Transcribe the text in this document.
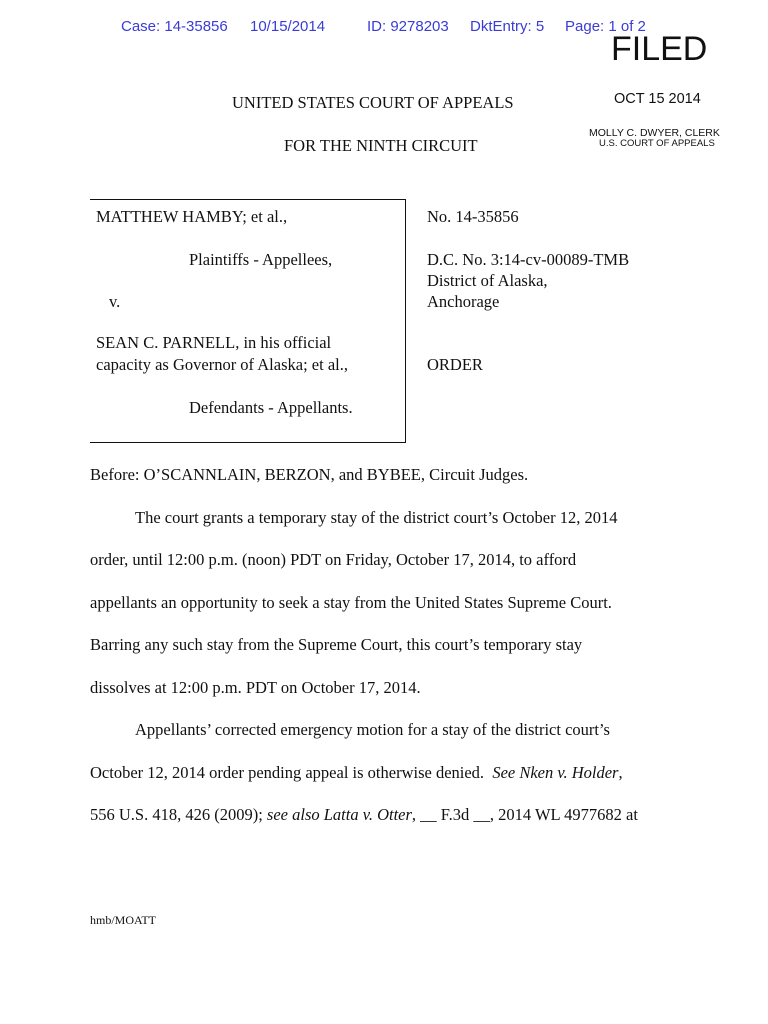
Case: 14-35856 10/15/2014	ID: 9278203 DktEntry: 5 Page: 1 of 2
FILED
OCT 15 2014
MOLLY C. DWYER, CLERK
U.S. COURT OF APPEALS
UNITED STATES COURT OF APPEALS
FOR THE NINTH CIRCUIT
MATTHEW HAMBY; et al.,
Plaintiffs - Appellees,
v.
SEAN C. PARNELL, in his official
capacity as Governor of Alaska; et al.,
Defendants - Appellants.
No. 14-35856
D.C. No. 3:14-cv-00089-TMB
District of Alaska,
Anchorage
ORDER
Before: O’SCANNLAIN, BERZON, and BYBEE, Circuit Judges.
The court grants a temporary stay of the district court’s October 12, 2014
order, until 12:00 p.m. (noon) PDT on Friday, October 17, 2014, to afford
appellants an opportunity to seek a stay from the United States Supreme Court.
Barring any such stay from the Supreme Court, this court’s temporary stay
dissolves at 12:00 p.m. PDT on October 17, 2014.
Appellants’ corrected emergency motion for a stay of the district court’s
October 12, 2014 order pending appeal is otherwise denied.  See Nken v. Holder,
556 U.S. 418, 426 (2009); see also Latta v. Otter, __ F.3d __, 2014 WL 4977682 at
hmb/MOATT
